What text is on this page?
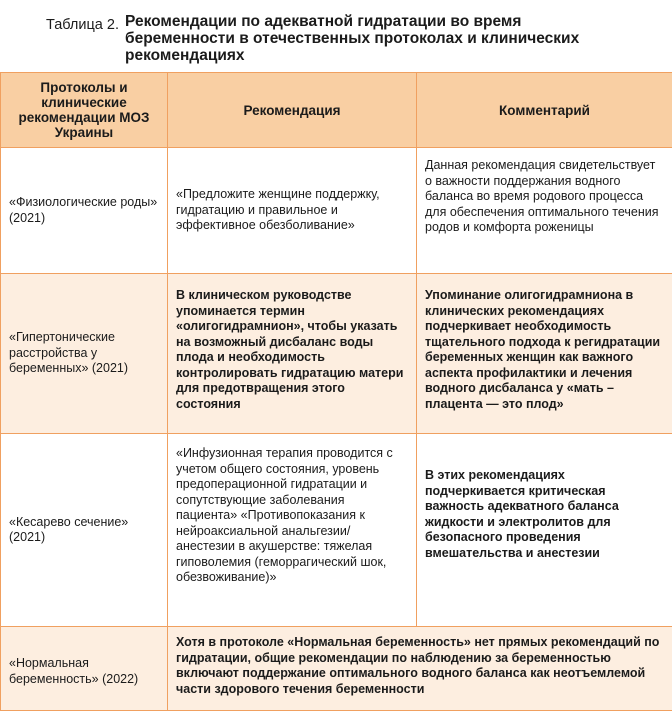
Таблица 2. Рекомендации по адекватной гидратации во время беременности в отечественных протоколах и клинических рекомендациях
Протоколы и клинические рекомендации МОЗ Украины	Рекомендация	Комментарий
«Физиологические роды» (2021)	«Предложите женщине поддержку, гидратацию и правильное и эффективное обезболивание»	Данная рекомендация свидетельствует о важности поддержания водного баланса во время родового процесса для обеспечения оптимального течения родов и комфорта роженицы
«Гипертонические расстройства у беременных» (2021)	В клиническом руководстве упоминается термин «олигогидрамнион», чтобы указать на возможный дисбаланс воды плода и необходимость контролировать гидратацию матери для предотвращения этого состояния	Упоминание олигогидрамниона в клинических рекомендациях подчеркивает необходимость тщательного подхода к регидратации беременных женщин как важного аспекта профилактики и лечения водного дисбаланса у «мать –плацента — это плод»
«Кесарево сечение» (2021)	«Инфузионная терапия проводится с учетом общего состояния, уровень предоперационной гидратации и сопутствующие заболевания пациента» «Противопоказания к нейроаксиальной анальгезии/анестезии в акушерстве: тяжелая гиповолемия (геморрагический шок, обезвоживание)»	В этих рекомендациях подчеркивается критическая важность адекватного баланса жидкости и электролитов для безопасного проведения вмешательства и анестезии
«Нормальная беременность» (2022)	Хотя в протоколе «Нормальная беременность» нет прямых рекомендаций по гидратации, общие рекомендации по наблюдению за беременностью включают поддержание оптимального водного баланса как неотъемлемой части здорового течения беременности	
